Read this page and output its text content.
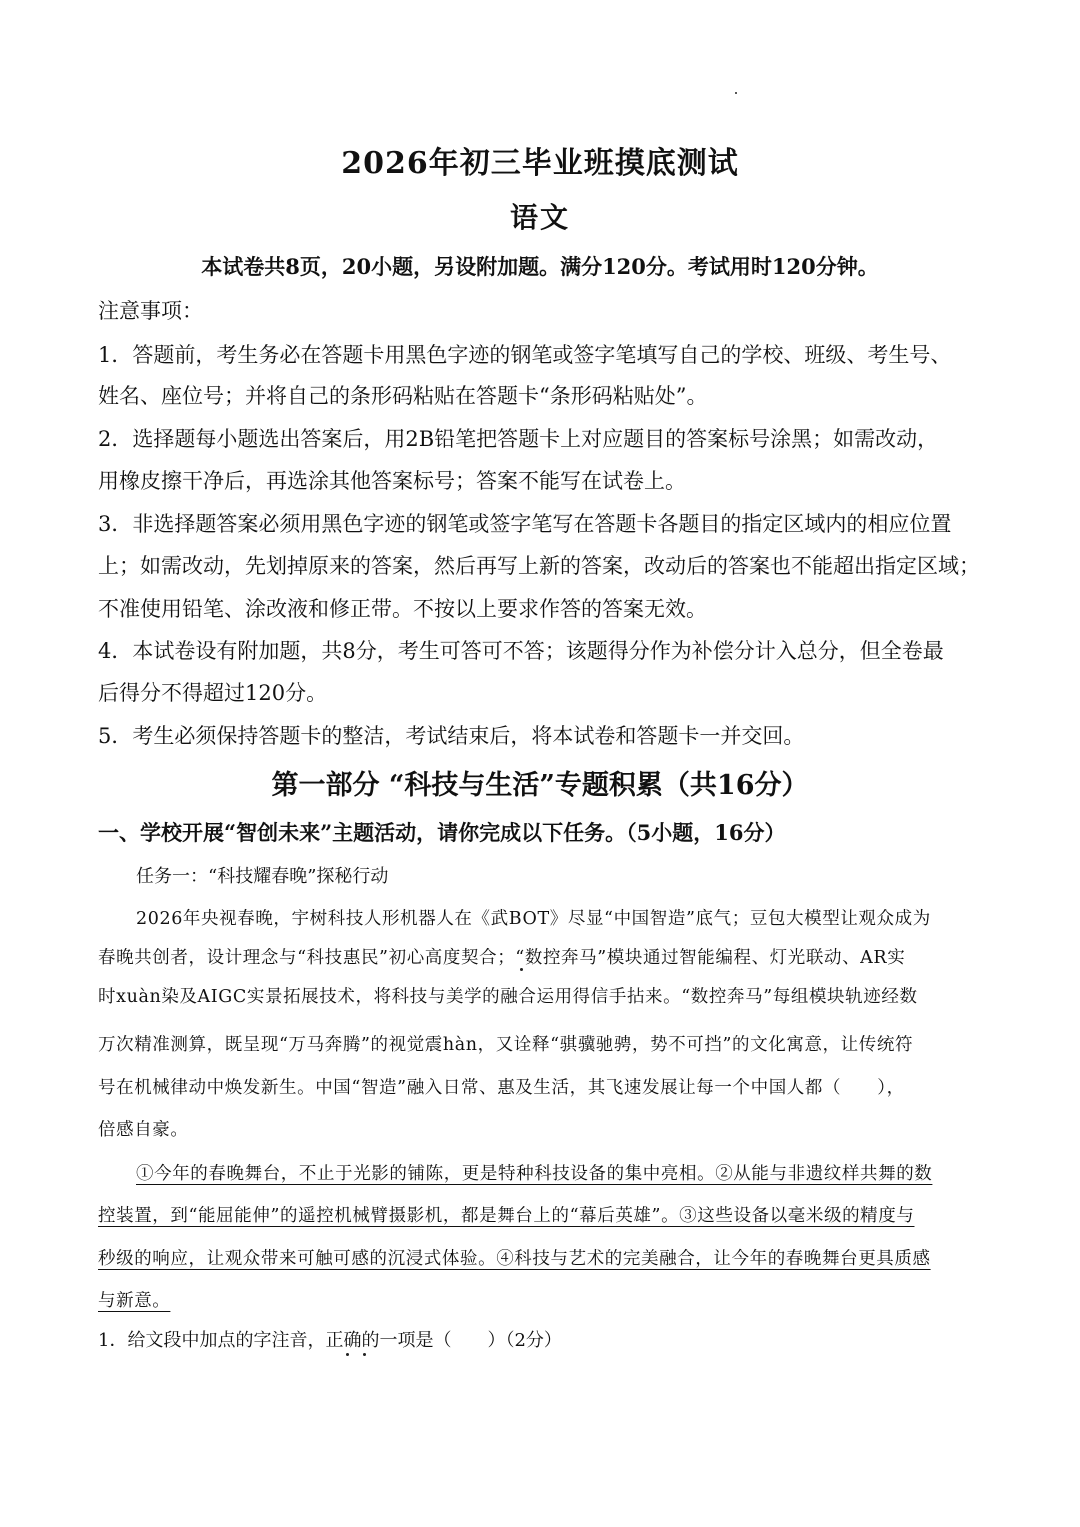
2026年初三毕业班摸底测试
语文
本试卷共8页，20小题，另设附加题。满分120分。考试用时120分钟。
注意事项：
1．答题前，考生务必在答题卡用黑色字迹的钢笔或签字笔填写自己的学校、班级、考生号、
姓名、座位号；并将自己的条形码粘贴在答题卡“条形码粘贴处”。
2．选择题每小题选出答案后，用2B铅笔把答题卡上对应题目的答案标号涂黑；如需改动，
用橡皮擦干净后，再选涂其他答案标号；答案不能写在试卷上。
3．非选择题答案必须用黑色字迹的钢笔或签字笔写在答题卡各题目的指定区域内的相应位置
上；如需改动，先划掉原来的答案，然后再写上新的答案，改动后的答案也不能超出指定区域；
不准使用铅笔、涂改液和修正带。不按以上要求作答的答案无效。
4．本试卷设有附加题，共8分，考生可答可不答；该题得分作为补偿分计入总分，但全卷最
后得分不得超过120分。
5．考生必须保持答题卡的整洁，考试结束后，将本试卷和答题卡一并交回。
第一部分 “科技与生活”专题积累（共16分）
一、学校开展“智创未来”主题活动，请你完成以下任务。（5小题，16分）
任务一：“科技耀春晚”探秘行动
2026年央视春晚，宇树科技人形机器人在《武BOT》尽显“中国智造”底气；豆包大模型让观众成为
春晚共创者，设计理念与“科技惠民”初心高度契合；“数控奔马”模块通过智能编程、灯光联动、AR实
时xuàn染及AIGC实景拓展技术，将科技与美学的融合运用得信手拈来。“数控奔马”每组模块轨迹经数
万次精准测算，既呈现“万马奔腾”的视觉震hàn，又诠释“骐骥驰骋，势不可挡”的文化寓意，让传统符
号在机械律动中焕发新生。中国“智造”融入日常、惠及生活，其飞速发展让每一个中国人都（　　），
倍感自豪。
①今年的春晚舞台，不止于光影的铺陈，更是特种科技设备的集中亮相。②从能与非遗纹样共舞的数
控装置，到“能屈能伸”的遥控机械臂摄影机，都是舞台上的“幕后英雄”。③这些设备以毫米级的精度与
秒级的响应，让观众带来可触可感的沉浸式体验。④科技与艺术的完美融合，让今年的春晚舞台更具质感
与新意。
1．给文段中加点的字注音，正确的一项是（　　）（2分）
